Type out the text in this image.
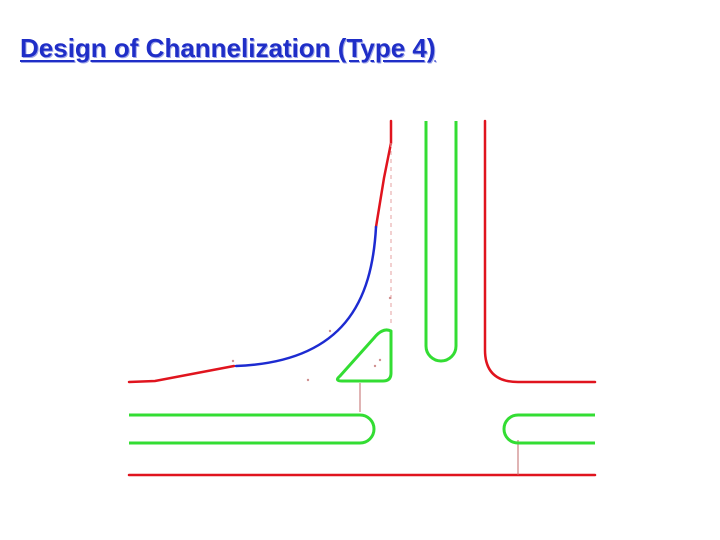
Design of Channelization (Type 4)
